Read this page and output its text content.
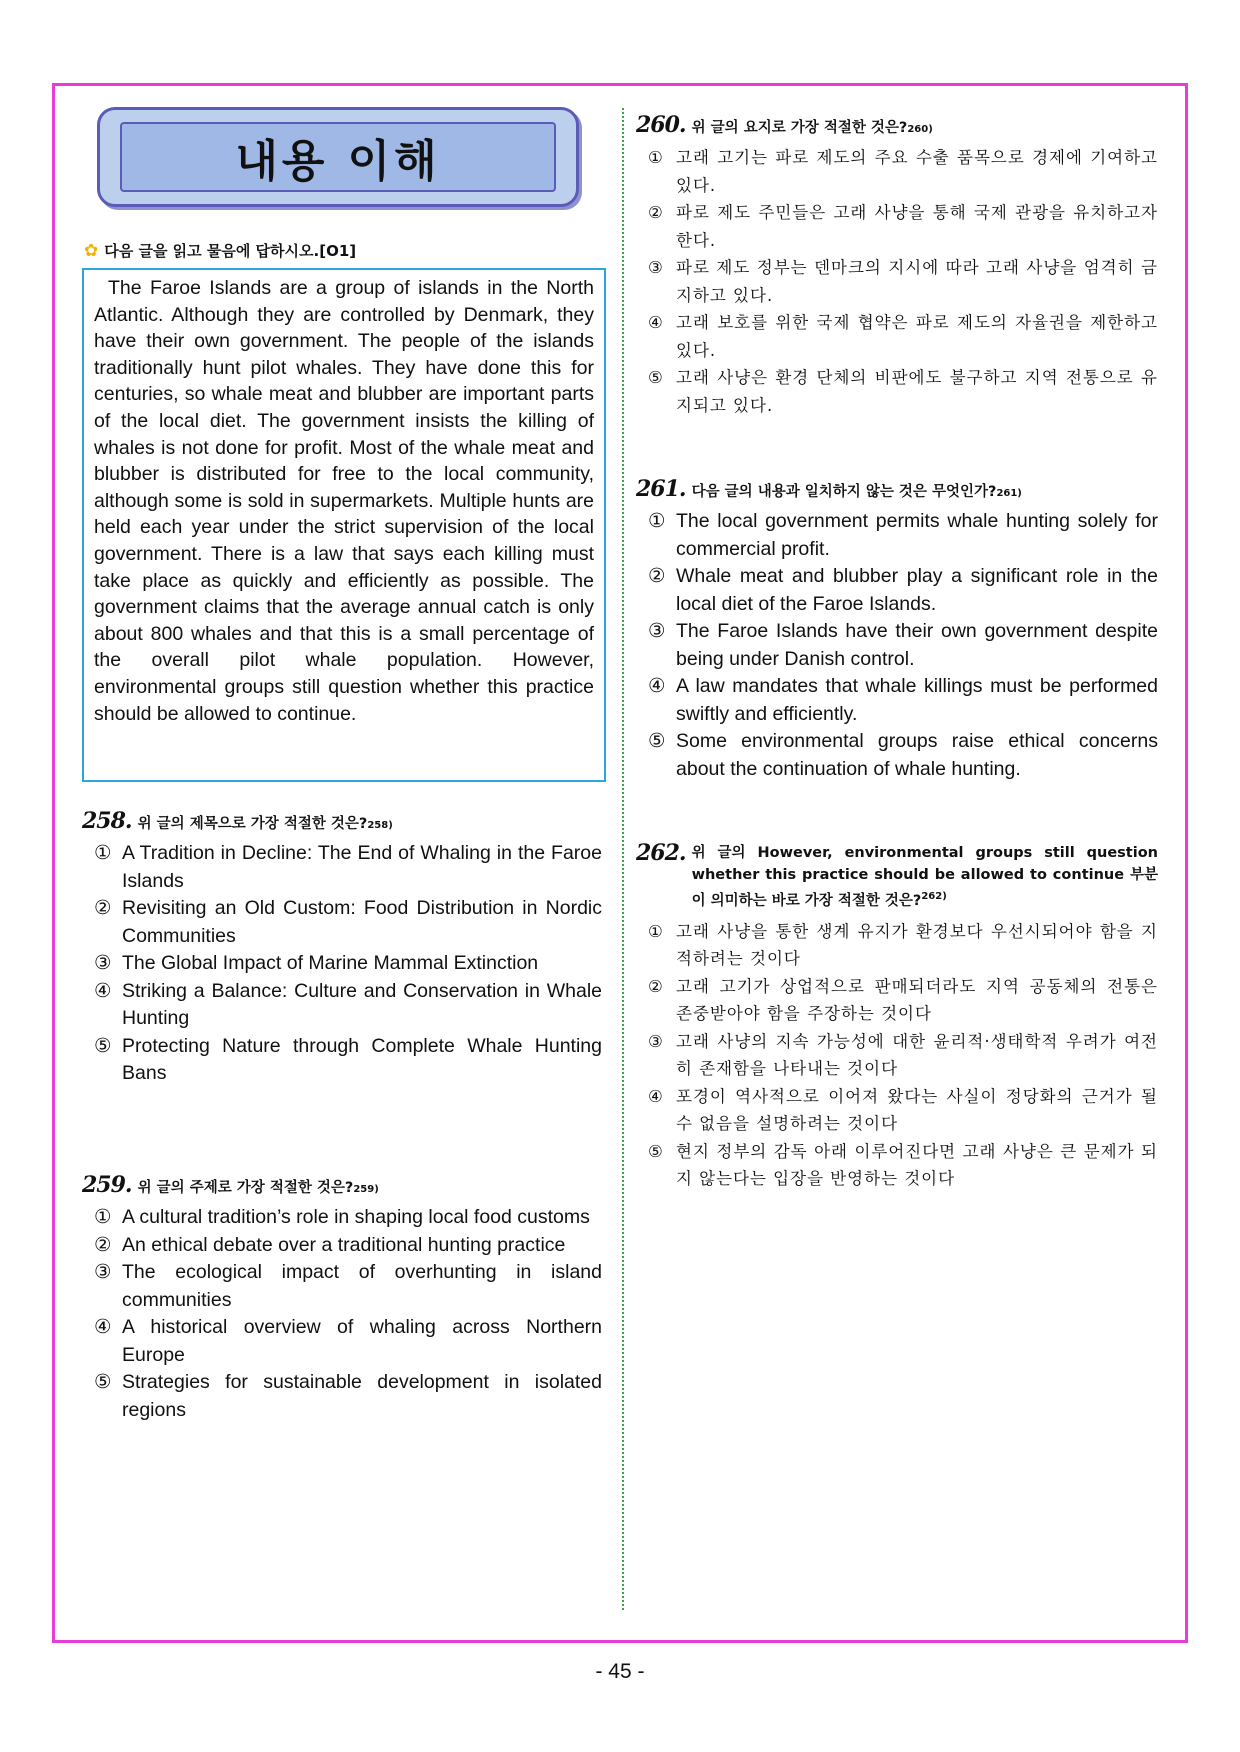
내용 이해
✿ 다음 글을 읽고 물음에 답하시오.[O1]
The Faroe Islands are a group of islands in the North Atlantic. Although they are controlled by Denmark, they have their own government. The people of the islands traditionally hunt pilot whales. They have done this for centuries, so whale meat and blubber are important parts of the local diet. The government insists the killing of whales is not done for profit. Most of the whale meat and blubber is distributed for free to the local community, although some is sold in supermarkets. Multiple hunts are held each year under the strict supervision of the local government. There is a law that says each killing must take place as quickly and efficiently as possible. The government claims that the average annual catch is only about 800 whales and that this is a small percentage of the overall pilot whale population. However, environmental groups still question whether this practice should be allowed to continue.
258. 위 글의 제목으로 가장 적절한 것은? 258)
① A Tradition in Decline: The End of Whaling in the Faroe Islands
② Revisiting an Old Custom: Food Distribution in Nordic Communities
③ The Global Impact of Marine Mammal Extinction
④ Striking a Balance: Culture and Conservation in Whale Hunting
⑤ Protecting Nature through Complete Whale Hunting Bans
259. 위 글의 주제로 가장 적절한 것은? 259)
① A cultural tradition’s role in shaping local food customs
② An ethical debate over a traditional hunting practice
③ The ecological impact of overhunting in island communities
④ A historical overview of whaling across Northern Europe
⑤ Strategies for sustainable development in isolated regions
260. 위 글의 요지로 가장 적절한 것은? 260)
① 고래 고기는 파로 제도의 주요 수출 품목으로 경제에 기여하고 있다.
② 파로 제도 주민들은 고래 사냥을 통해 국제 관광을 유치하고자 한다.
③ 파로 제도 정부는 덴마크의 지시에 따라 고래 사냥을 엄격히 금지하고 있다.
④ 고래 보호를 위한 국제 협약은 파로 제도의 자율권을 제한하고 있다.
⑤ 고래 사냥은 환경 단체의 비판에도 불구하고 지역 전통으로 유지되고 있다.
261. 다음 글의 내용과 일치하지 않는 것은 무엇인가? 261)
① The local government permits whale hunting solely for commercial profit.
② Whale meat and blubber play a significant role in the local diet of the Faroe Islands.
③ The Faroe Islands have their own government despite being under Danish control.
④ A law mandates that whale killings must be performed swiftly and efficiently.
⑤ Some environmental groups raise ethical concerns about the continuation of whale hunting.
262. 위 글의 However, environmental groups still question whether this practice should be allowed to continue 부분이 의미하는 바로 가장 적절한 것은?$^{262)}$
① 고래 사냥을 통한 생계 유지가 환경보다 우선시되어야 함을 지적하려는 것이다
② 고래 고기가 상업적으로 판매되더라도 지역 공동체의 전통은 존중받아야 함을 주장하는 것이다
③ 고래 사냥의 지속 가능성에 대한 윤리적·생태학적 우려가 여전히 존재함을 나타내는 것이다
④ 포경이 역사적으로 이어져 왔다는 사실이 정당화의 근거가 될 수 없음을 설명하려는 것이다
⑤ 현지 정부의 감독 아래 이루어진다면 고래 사냥은 큰 문제가 되지 않는다는 입장을 반영하는 것이다
- 45 -
